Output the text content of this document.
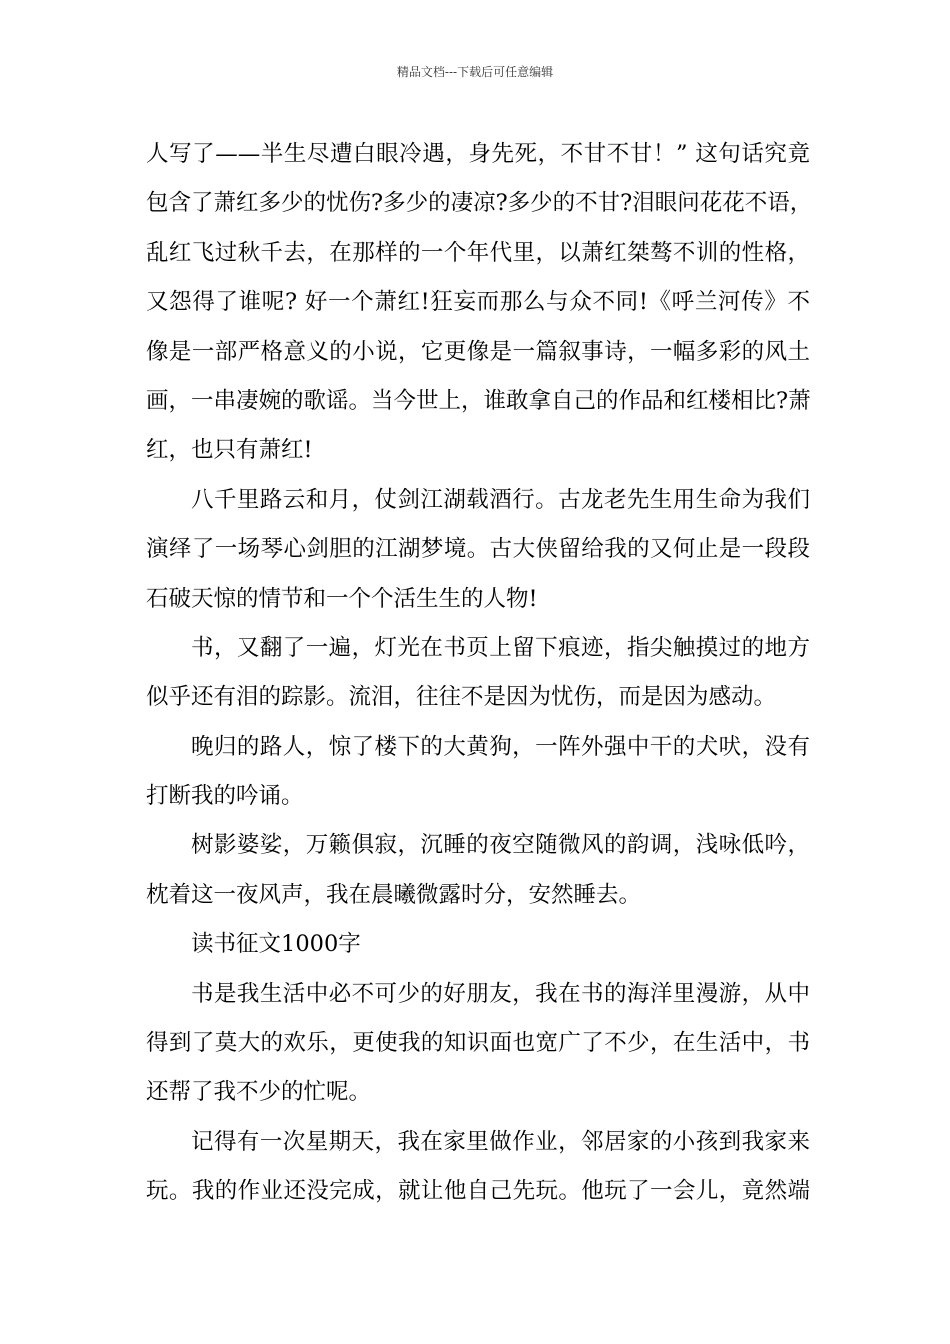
精品文档---下载后可任意编辑
人写了——半生尽遭白眼冷遇，身先死，不甘不甘！” 这句话究竟
包含了萧红多少的忧伤?多少的凄凉?多少的不甘?泪眼问花花不语，
乱红飞过秋千去，在那样的一个年代里，以萧红桀骜不训的性格，
又怨得了谁呢? 好一个萧红!狂妄而那么与众不同!《呼兰河传》不
像是一部严格意义的小说，它更像是一篇叙事诗，一幅多彩的风土
画，一串凄婉的歌谣。当今世上，谁敢拿自己的作品和红楼相比?萧
红，也只有萧红!
八千里路云和月，仗剑江湖载酒行。古龙老先生用生命为我们
演绎了一场琴心剑胆的江湖梦境。古大侠留给我的又何止是一段段
石破天惊的情节和一个个活生生的人物!
书，又翻了一遍，灯光在书页上留下痕迹，指尖触摸过的地方
似乎还有泪的踪影。流泪，往往不是因为忧伤，而是因为感动。
晚归的路人，惊了楼下的大黄狗，一阵外强中干的犬吠，没有
打断我的吟诵。
树影婆娑，万籁俱寂，沉睡的夜空随微风的韵调，浅咏低吟，
枕着这一夜风声，我在晨曦微露时分，安然睡去。
读书征文1000字
书是我生活中必不可少的好朋友，我在书的海洋里漫游，从中
得到了莫大的欢乐，更使我的知识面也宽广了不少，在生活中，书
还帮了我不少的忙呢。
记得有一次星期天，我在家里做作业，邻居家的小孩到我家来
玩。我的作业还没完成，就让他自己先玩。他玩了一会儿，竟然端
